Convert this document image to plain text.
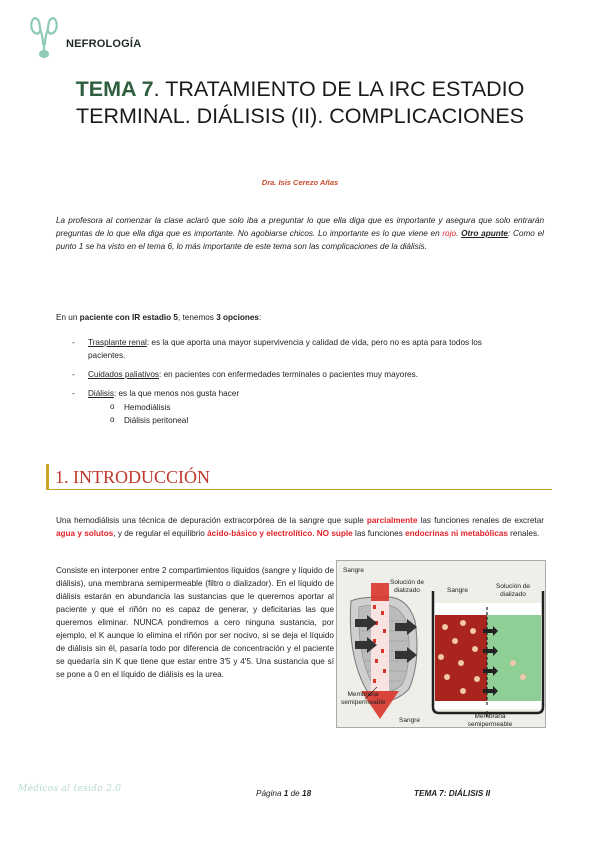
NEFROLOGÍA
TEMA 7. TRATAMIENTO DE LA IRC ESTADIO TERMINAL. DIÁLISIS (II). COMPLICACIONES
Dra. Isis Cerezo Añas
La profesora al comenzar la clase aclaró que solo iba a preguntar lo que ella diga que es importante y asegura que solo entrarán preguntas de lo que ella diga que es importante. No agobiarse chicos. Lo importante es lo que viene en rojo. Otro apunte: Como el punto 1 se ha visto en el tema 6, lo más importante de este tema son las complicaciones de la diálisis.
En un paciente con IR estadio 5, tenemos 3 opciones:
- Trasplante renal: es la que aporta una mayor supervivencia y calidad de vida, pero no es apta para todos los pacientes.
- Cuidados paliativos: en pacientes con enfermedades terminales o pacientes muy mayores.
- Diálisis: es la que menos nos gusta hacer
o Hemodiálisis
o Diálisis peritoneal
1. INTRODUCCIÓN
Una hemodiálisis una técnica de depuración extracorpórea de la sangre que suple parcialmente las funciones renales de excretar agua y solutos, y de regular el equilibrio ácido-básico y electrolítico. NO suple las funciones endocrinas ni metabólicas renales.
Consiste en interponer entre 2 compartimientos líquidos (sangre y líquido de diálisis), una membrana semipermeable (filtro o dializador). En el líquido de diálisis estarán en abundancia las sustancias que le queremos aportar al paciente y que el riñón no es capaz de generar, y deficitarias las que queremos eliminar. NUNCA pondremos a cero ninguna sustancia, por ejemplo, el K aunque lo elimina el riñón por ser nocivo, si se deja el líquido de diálisis sin él, pasaría todo por diferencia de concentración y el paciente se quedaría sin K que tiene que estar entre 3'5 y 4'5. Una sustancia que sí se pone a 0 en el líquido de diálisis es la urea.
Sangre
Solución de dializado	Sangre
Solución de dializado
Membrana semipermeable
Sangre
Membrana semipermeable
Médicos al tesido 2.0	Página 1 de 18	TEMA 7: DIÁLISIS II
